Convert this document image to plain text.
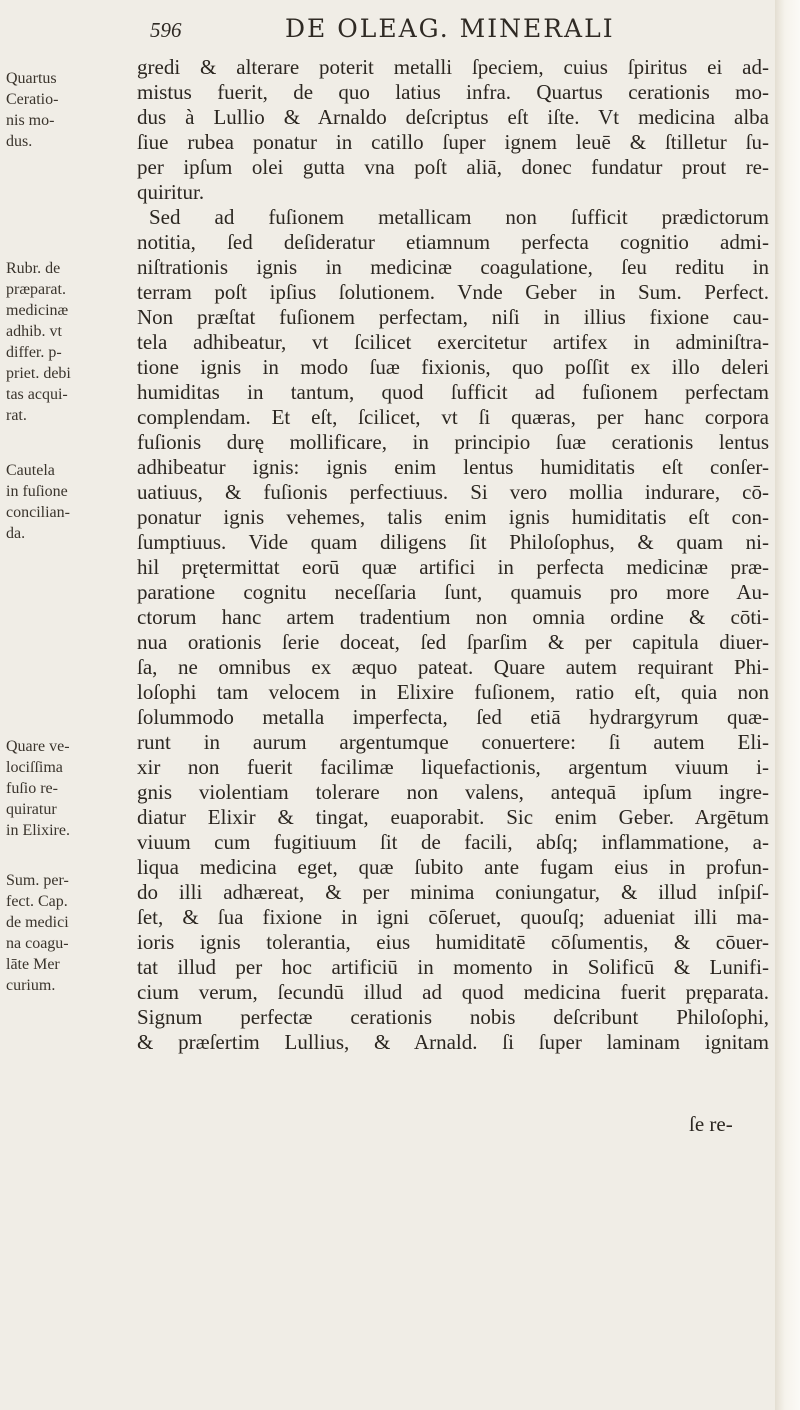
596	DE OLEAG. MINERALI
gredi & alterare poterit metalli ſpeciem, cuius ſpiritus ei ad-
mistus fuerit, de quo latius infra. Quartus cerationis mo-
dus à Lullio & Arnaldo deſcriptus eſt iſte. Vt medicina alba
ſiue rubea ponatur in catillo ſuper ignem leuē & ſtilletur ſu-
per ipſum olei gutta vna poſt aliā, donec fundatur prout re-
quiritur.
Sed ad fuſionem metallicam non ſufficit prædictorum
notitia, ſed deſideratur etiamnum perfecta cognitio admi-
niſtrationis ignis in medicinæ coagulatione, ſeu reditu in
terram poſt ipſius ſolutionem. Vnde Geber in Sum. Perfect.
Non præſtat fuſionem perfectam, niſi in illius fixione cau-
tela adhibeatur, vt ſcilicet exercitetur artifex in adminiſtra-
tione ignis in modo ſuæ fixionis, quo poſſit ex illo deleri
humiditas in tantum, quod ſufficit ad fuſionem perfectam
complendam. Et eſt, ſcilicet, vt ſi quæras, per hanc corpora
fuſionis durę mollificare, in principio ſuæ cerationis lentus
adhibeatur ignis: ignis enim lentus humiditatis eſt conſer-
uatiuus, & fuſionis perfectiuus. Si vero mollia indurare, cō-
ponatur ignis vehemes, talis enim ignis humiditatis eſt con-
ſumptiuus. Vide quam diligens ſit Philoſophus, & quam ni-
hil prętermittat eorū quæ artifici in perfecta medicinæ præ-
paratione cognitu neceſſaria ſunt, quamuis pro more Au-
ctorum hanc artem tradentium non omnia ordine & cōti-
nua orationis ſerie doceat, ſed ſparſim & per capitula diuer-
ſa, ne omnibus ex æquo pateat. Quare autem requirant Phi-
loſophi tam velocem in Elixire fuſionem, ratio eſt, quia non
ſolummodo metalla imperfecta, ſed etiā hydrargyrum quæ-
runt in aurum argentumque conuertere: ſi autem Eli-
xir non fuerit facilimæ liquefactionis, argentum viuum i-
gnis violentiam tolerare non valens, antequā ipſum ingre-
diatur Elixir & tingat, euaporabit. Sic enim Geber. Argētum
viuum cum fugitiuum ſit de facili, abſq; inflammatione, a-
liqua medicina eget, quæ ſubito ante fugam eius in profun-
do illi adhæreat, & per minima coniungatur, & illud inſpiſ-
ſet, & ſua fixione in igni cōſeruet, quouſq; adueniat illi ma-
ioris ignis tolerantia, eius humiditatē cōſumentis, & cōuer-
tat illud per hoc artificiū in momento in Solificū & Lunifi-
cium verum, ſecundū illud ad quod medicina fuerit pręparata.
Signum perfectæ cerationis nobis deſcribunt Philoſophi,
& præſertim Lullius, & Arnald. ſi ſuper laminam ignitam
ſe re-
Quartus
Ceratio-
nis mo-
dus.
Rubr. de
præparat.
medicinæ
adhib. vt
differ. p-
priet. debi
tas acqui-
rat.
Cautela
in fuſione
concilian-
da.
Quare ve-
lociſſima
fuſio re-
quiratur
in Elixire.
Sum. per-
fect. Cap.
de medici
na coagu-
lāte Mer
curium.
